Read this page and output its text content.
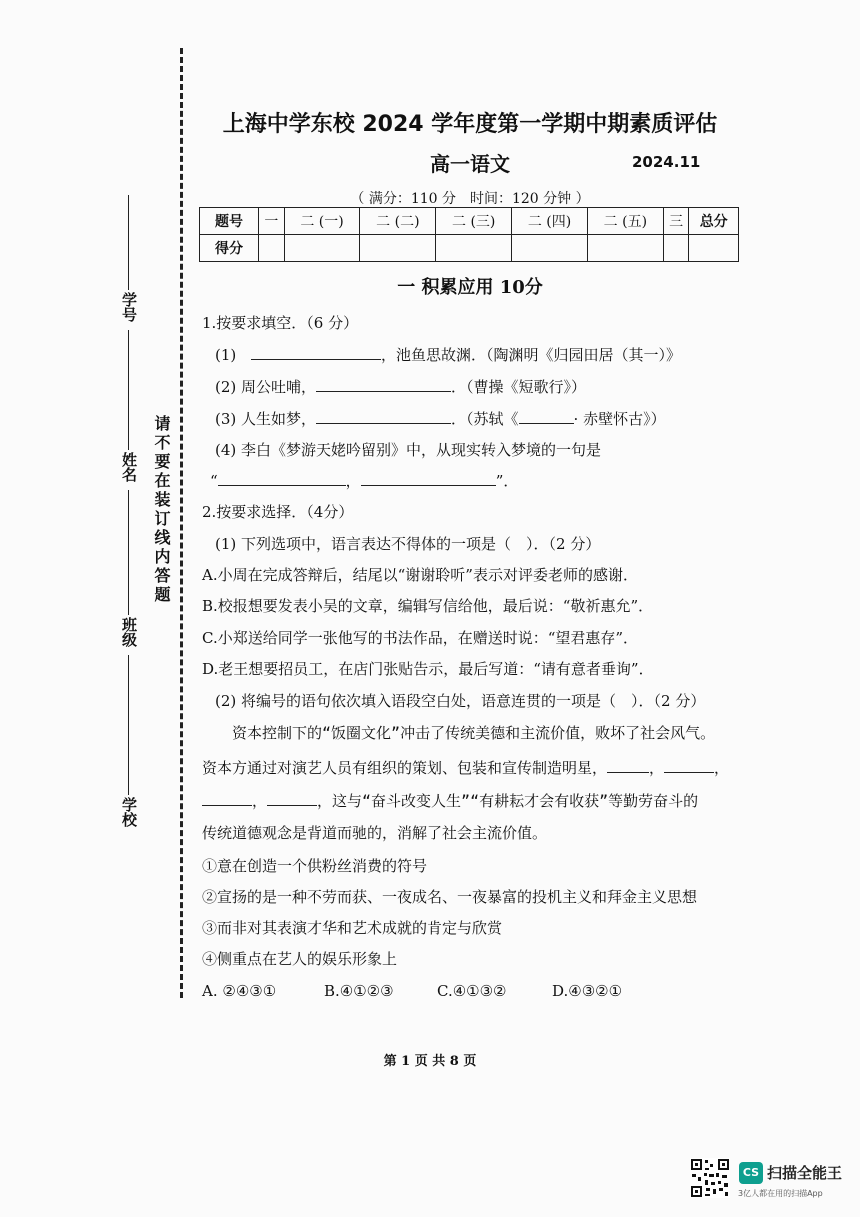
学号
姓名
班级
学校
请不要在装订线内答题
上海中学东校 2024 学年度第一学期中期素质评估
高一语文	2024.11
（ 满分：110 分　时间：120 分钟 ）
题号	一	二 (一)	二 (二)	二 (三)	二 (四)	二 (五)	三	总分
得分								
一 积累应用 10分
1.按要求填空．（6 分）
(1)	，池鱼思故渊．（陶渊明《归园田居（其一）》
(2) 周公吐哺，	．（曹操《短歌行》）
(3) 人生如梦，	．（苏轼《	· 赤壁怀古》）
(4) 李白《梦游天姥吟留别》中，从现实转入梦境的一句是
“	，	”．
2.按要求选择．（4分）
(1) 下列选项中，语言表达不得体的一项是（　）．（2 分）
A.小周在完成答辩后，结尾以“谢谢聆听”表示对评委老师的感谢．
B.校报想要发表小吴的文章，编辑写信给他，最后说：“敬祈惠允”．
C.小郑送给同学一张他写的书法作品，在赠送时说：“望君惠存”．
D.老王想要招员工，在店门张贴告示，最后写道：“请有意者垂询”．
(2) 将编号的语句依次填入语段空白处，语意连贯的一项是（　）．（2 分）
资本控制下的“饭圈文化”冲击了传统美德和主流价值，败坏了社会风气。
资本方通过对演艺人员有组织的策划、包装和宣传制造明星，	，	，
，	，这与“奋斗改变人生”“有耕耘才会有收获”等勤劳奋斗的
传统道德观念是背道而驰的，消解了社会主流价值。
①意在创造一个供粉丝消费的符号
②宣扬的是一种不劳而获、一夜成名、一夜暴富的投机主义和拜金主义思想
③而非对其表演才华和艺术成就的肯定与欣赏
④侧重点在艺人的娱乐形象上
A. ②④③①	B.④①②③	C.④①③②	D.④③②①
第 1 页 共 8 页
CS 扫描全能王
3亿人都在用的扫描App
